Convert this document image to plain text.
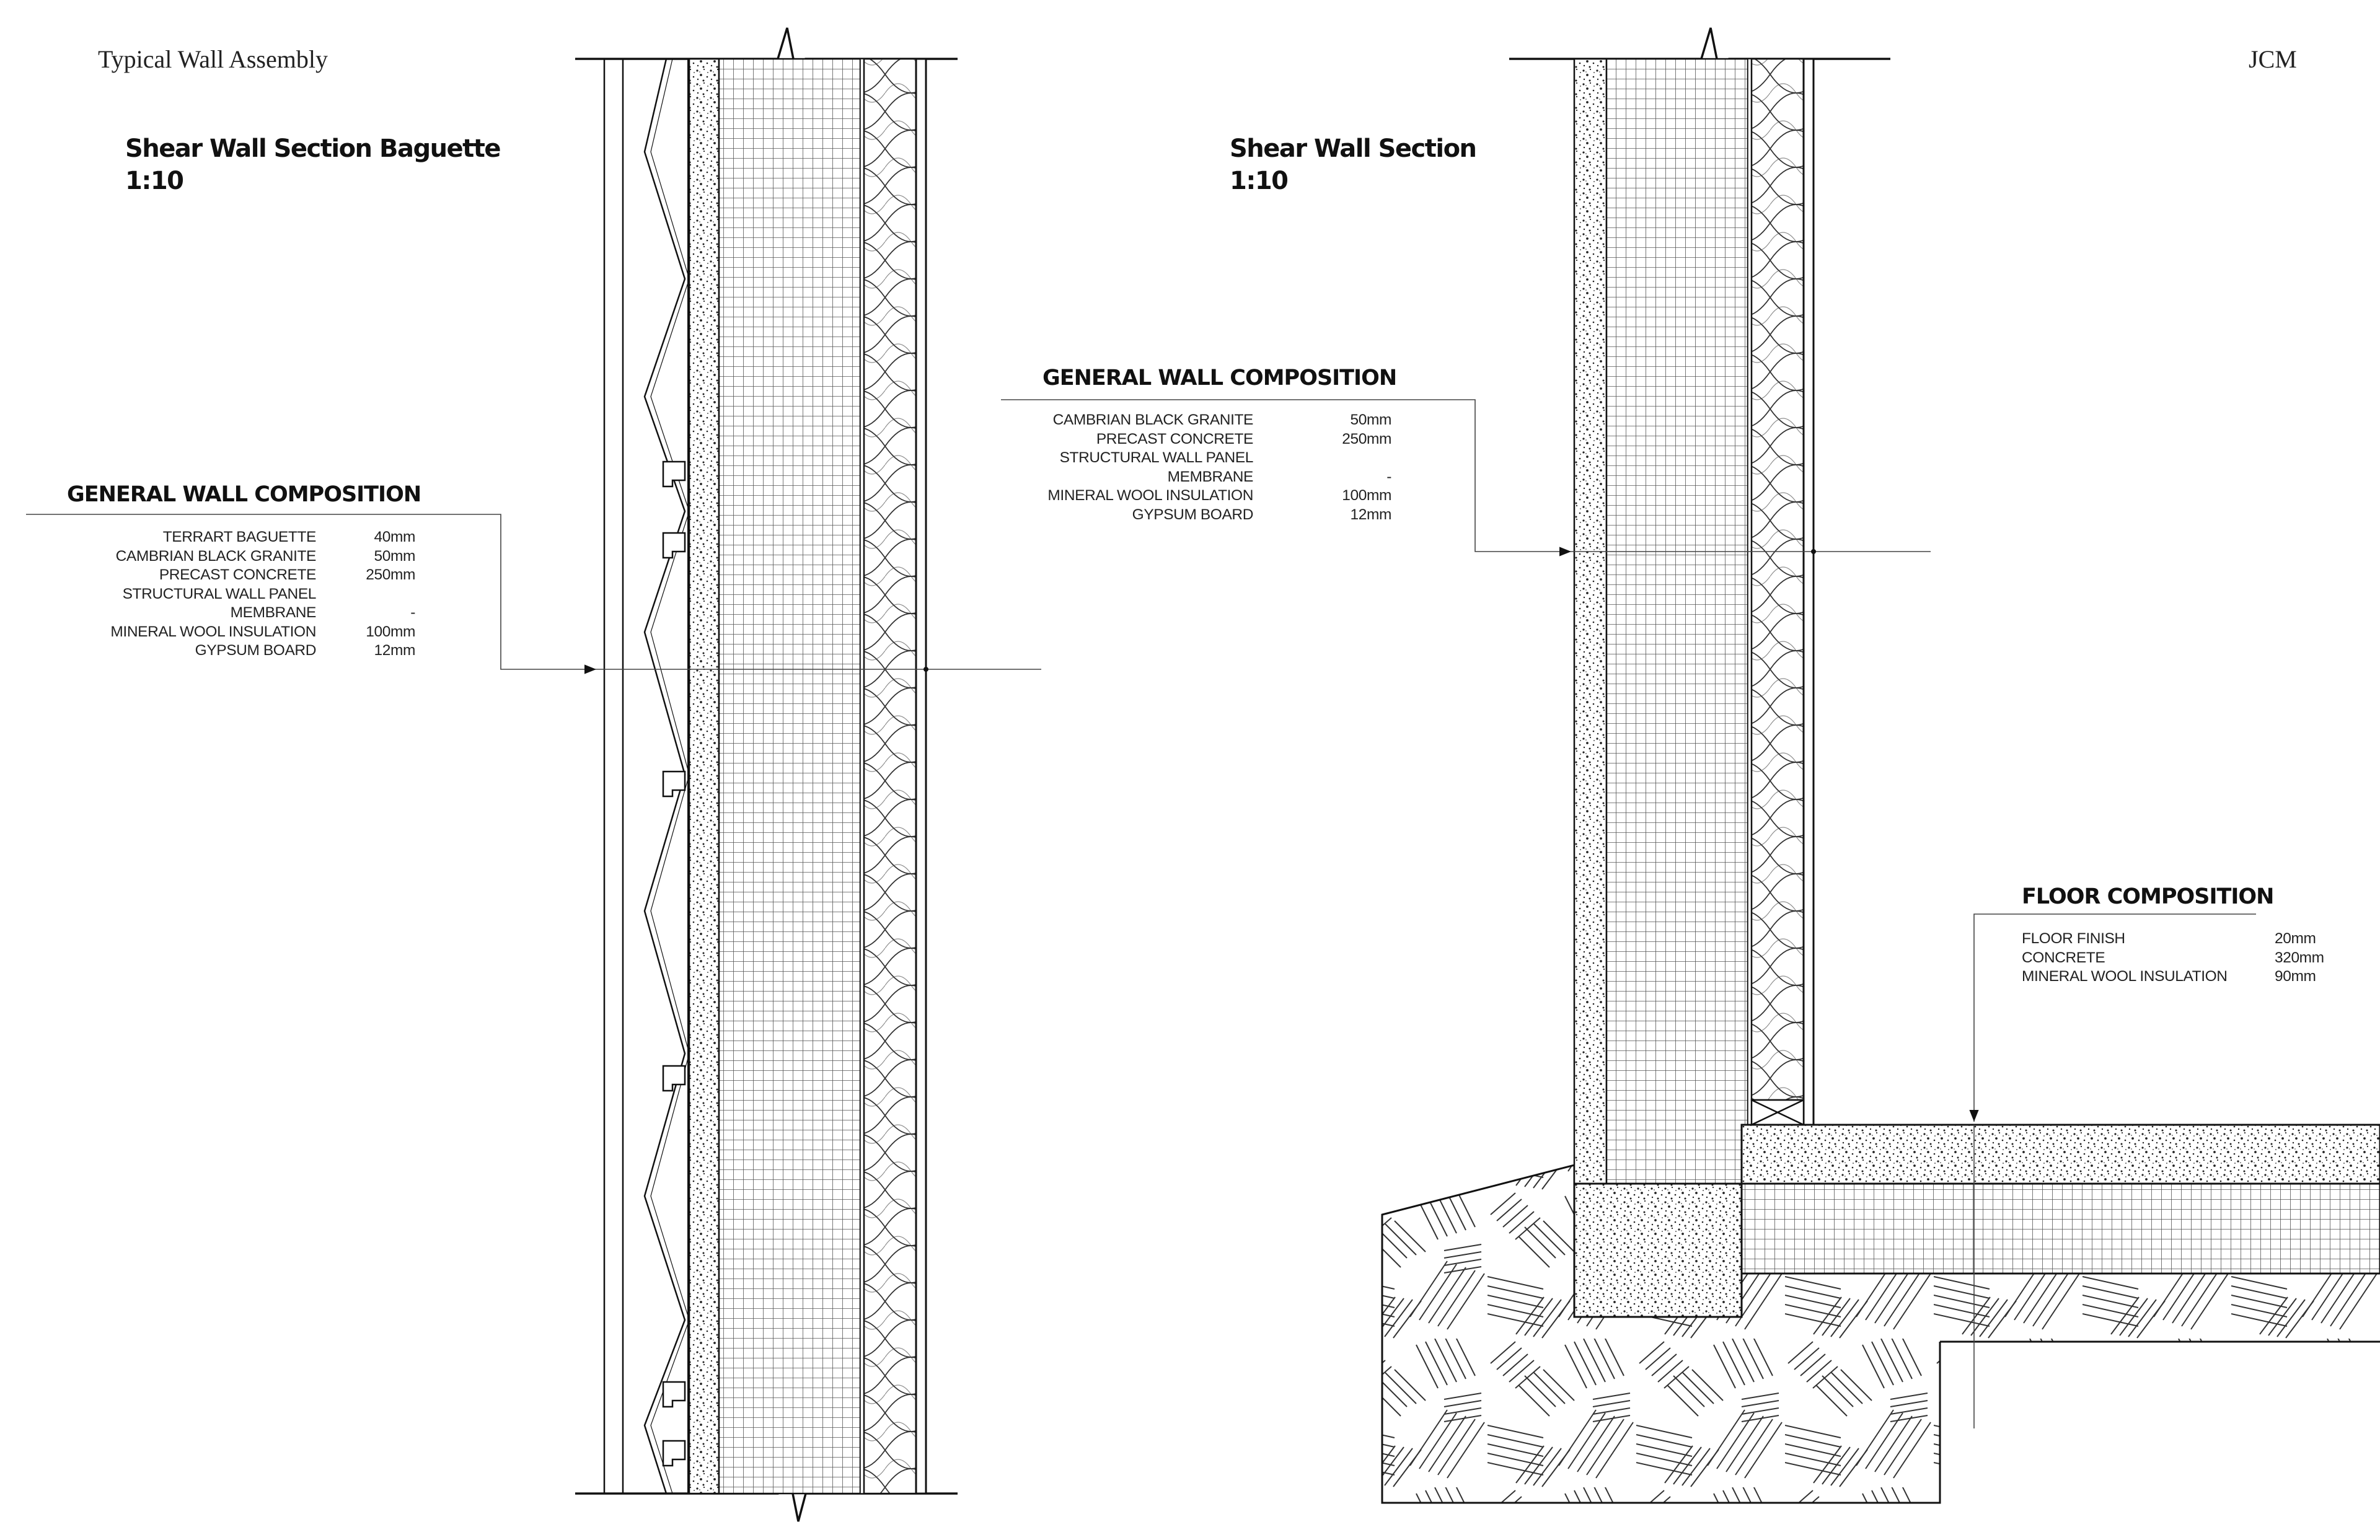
Typical Wall Assembly	JCM
Shear Wall Section Baguette
1:10
GENERAL WALL COMPOSITION
TERRART BAGUETTE	40mm
CAMBRIAN BLACK GRANITE	50mm
PRECAST CONCRETE	250mm
STRUCTURAL WALL PANEL
MEMBRANE	-
MINERAL WOOL INSULATION	100mm
GYPSUM BOARD	12mm
Shear Wall Section
1:10
GENERAL WALL COMPOSITION
CAMBRIAN BLACK GRANITE	50mm
PRECAST CONCRETE	250mm
STRUCTURAL WALL PANEL
MEMBRANE	-
MINERAL WOOL INSULATION	100mm
GYPSUM BOARD	12mm
FLOOR COMPOSITION
FLOOR FINISH	20mm
CONCRETE	320mm
MINERAL WOOL INSULATION	90mm
